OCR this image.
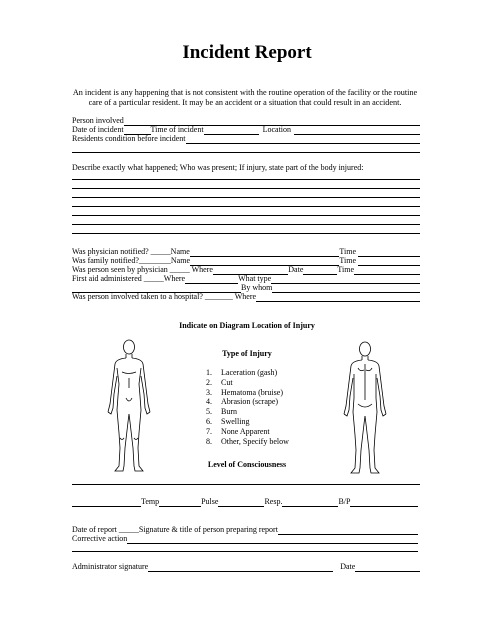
Incident Report
An incident is any happening that is not consistent with the routine operation of the facility or the routine care of a particular resident. It may be an accident or a situation that could result in an accident.
Person involved
Date of incident	Time of incident	Location
Residents condition before incident
Describe exactly what happened; Who was present; If injury, state part of the body injured:
Was physician notified? _____Name	Time
Was family notified?________Name	Time
Was person seen by physician _____ Where	Date	Time
First aid administered _____Where	What type
By whom
Was person involved taken to a hospital? _______ Where
Indicate on Diagram Location of Injury
Type of Injury
1.	Laceration (gash)
2.	Cut
3.	Hematoma (bruise)
4.	Abrasion (scrape)
5.	Burn
6.	Swelling
7.	None Apparent
8.	Other, Specify below
Level of Consciousness
Temp	Pulse	Resp.	B/P
Date of report _____Signature & title of person preparing report
Corrective action
Administrator signature	Date
